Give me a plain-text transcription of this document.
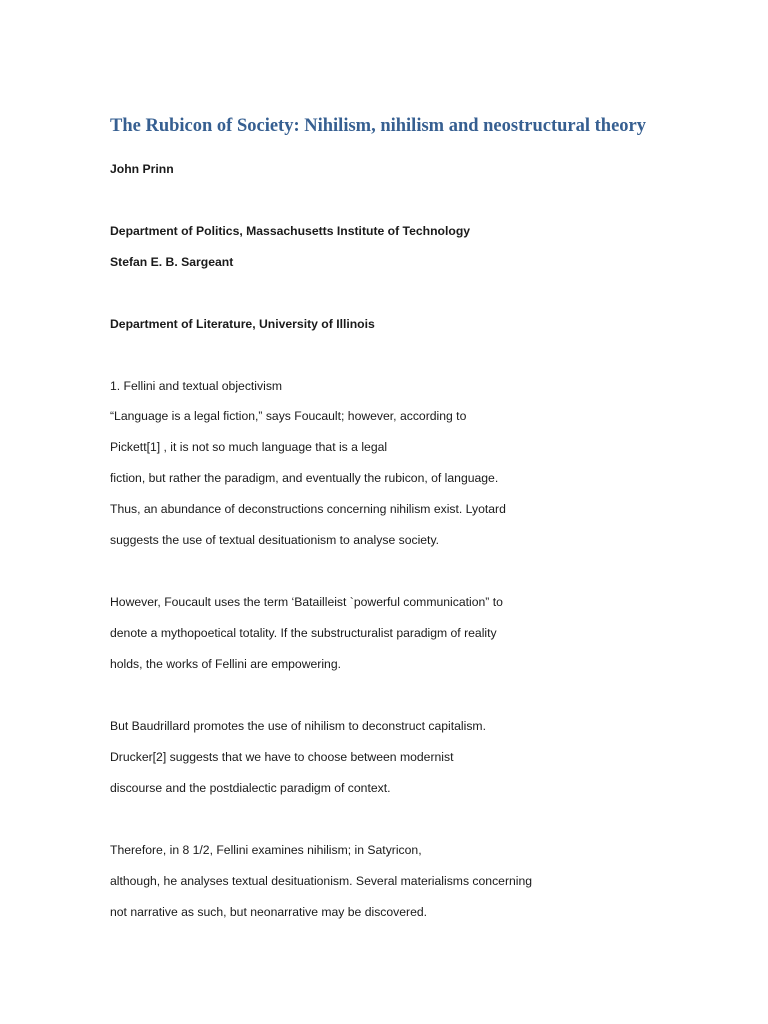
The Rubicon of Society: Nihilism, nihilism and neostructural theory
John Prinn
Department of Politics, Massachusetts Institute of Technology
Stefan E. B. Sargeant
Department of Literature, University of Illinois
1. Fellini and textual objectivism
“Language is a legal fiction,” says Foucault; however, according to
Pickett[1] , it is not so much language that is a legal
fiction, but rather the paradigm, and eventually the rubicon, of language.
Thus, an abundance of deconstructions concerning nihilism exist. Lyotard
suggests the use of textual desituationism to analyse society.
However, Foucault uses the term ‘Batailleist `powerful communication” to
denote a mythopoetical totality. If the substructuralist paradigm of reality
holds, the works of Fellini are empowering.
But Baudrillard promotes the use of nihilism to deconstruct capitalism.
Drucker[2] suggests that we have to choose between modernist
discourse and the postdialectic paradigm of context.
Therefore, in 8 1/2, Fellini examines nihilism; in Satyricon,
although, he analyses textual desituationism. Several materialisms concerning
not narrative as such, but neonarrative may be discovered.
